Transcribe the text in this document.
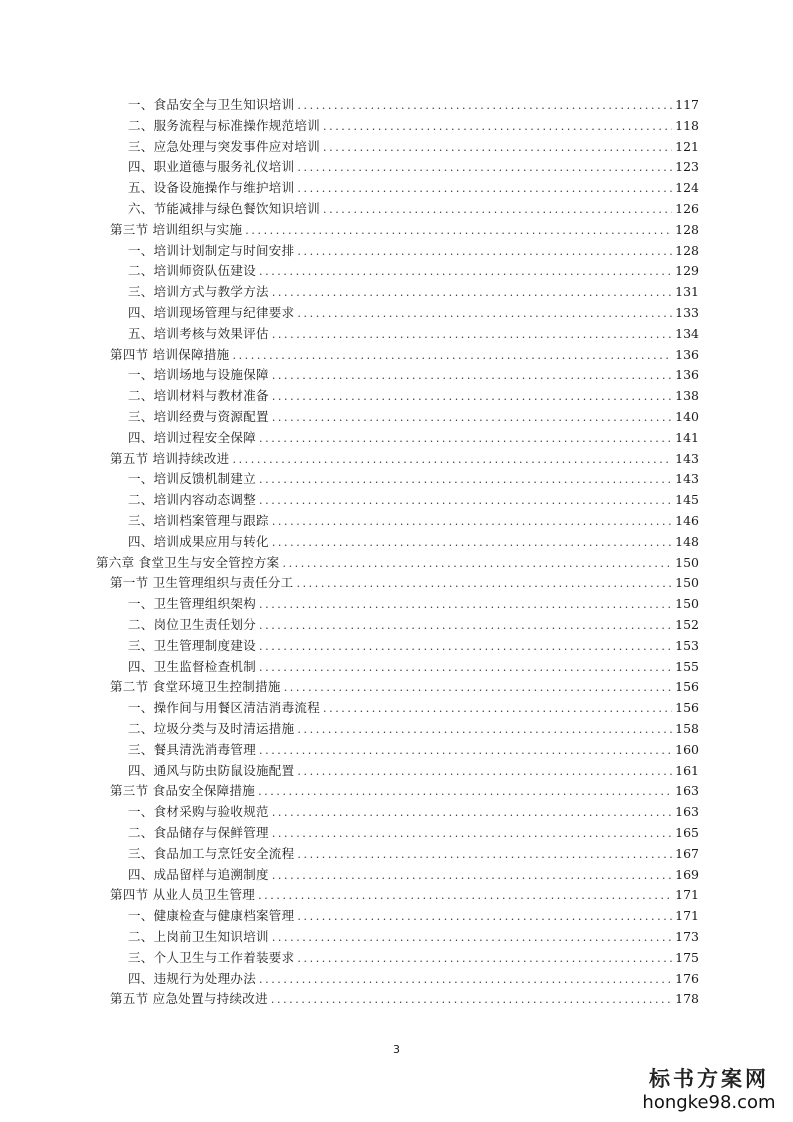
一、食品安全与卫生知识培训 .....	117
二、服务流程与标准操作规范培训 .....	118
三、应急处理与突发事件应对培训 .....	121
四、职业道德与服务礼仪培训 .....	123
五、设备设施操作与维护培训 .....	124
六、节能减排与绿色餐饮知识培训 .....	126
第三节 培训组织与实施 .....	128
一、培训计划制定与时间安排 .....	128
二、培训师资队伍建设 .....	129
三、培训方式与教学方法 .....	131
四、培训现场管理与纪律要求 .....	133
五、培训考核与效果评估 .....	134
第四节 培训保障措施 .....	136
一、培训场地与设施保障 .....	136
二、培训材料与教材准备 .....	138
三、培训经费与资源配置 .....	140
四、培训过程安全保障 .....	141
第五节 培训持续改进 .....	143
一、培训反馈机制建立 .....	143
二、培训内容动态调整 .....	145
三、培训档案管理与跟踪 .....	146
四、培训成果应用与转化 .....	148
第六章 食堂卫生与安全管控方案 .....	150
第一节 卫生管理组织与责任分工 .....	150
一、卫生管理组织架构 .....	150
二、岗位卫生责任划分 .....	152
三、卫生管理制度建设 .....	153
四、卫生监督检查机制 .....	155
第二节 食堂环境卫生控制措施 .....	156
一、操作间与用餐区清洁消毒流程 .....	156
二、垃圾分类与及时清运措施 .....	158
三、餐具清洗消毒管理 .....	160
四、通风与防虫防鼠设施配置 .....	161
第三节 食品安全保障措施 .....	163
一、食材采购与验收规范 .....	163
二、食品储存与保鲜管理 .....	165
三、食品加工与烹饪安全流程 .....	167
四、成品留样与追溯制度 .....	169
第四节 从业人员卫生管理 .....	171
一、健康检查与健康档案管理 .....	171
二、上岗前卫生知识培训 .....	173
三、个人卫生与工作着装要求 .....	175
四、违规行为处理办法 .....	176
第五节 应急处置与持续改进 .....	178
3
标书方案网
hongke98.com
